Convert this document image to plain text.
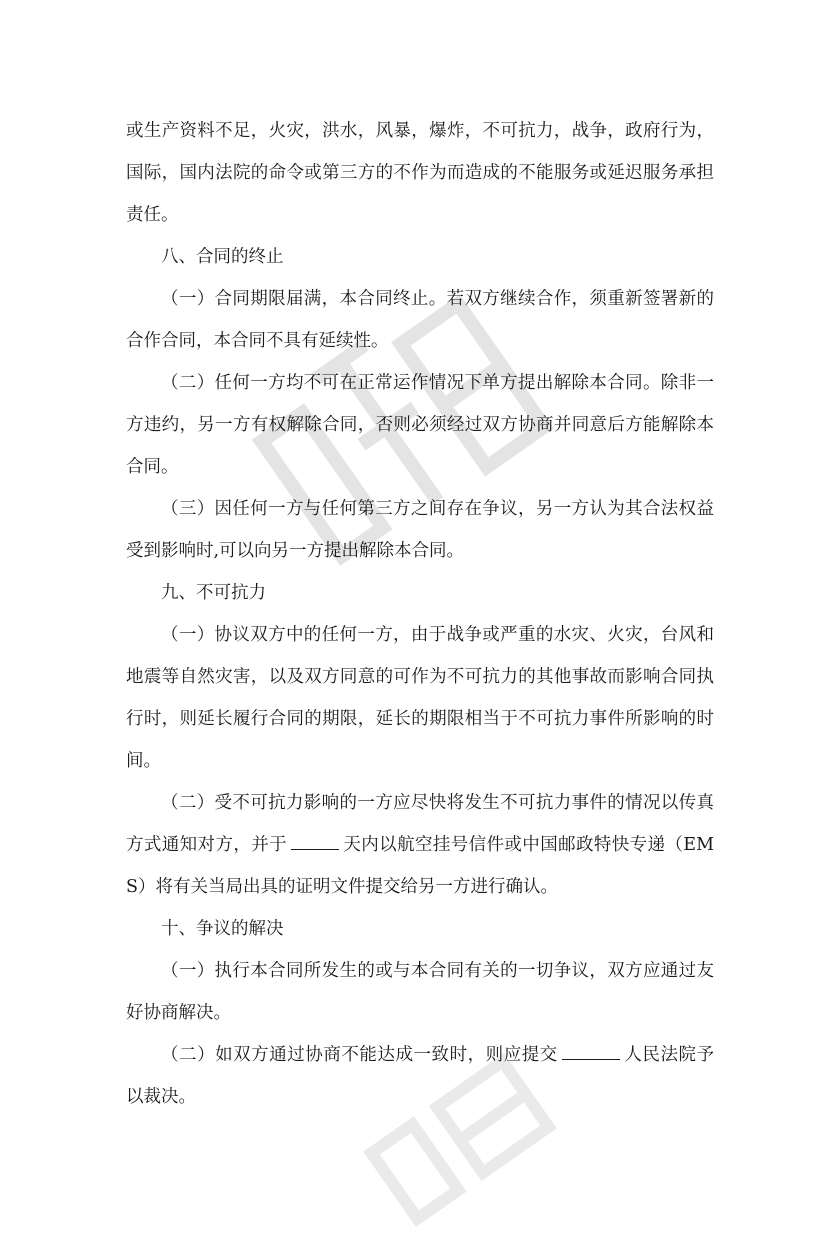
或生产资料不足，火灾，洪水，风暴，爆炸，不可抗力，战争，政府行为，国际，国内法院的命令或第三方的不作为而造成的不能服务或延迟服务承担责任。

八、合同的终止

（一）合同期限届满，本合同终止。若双方继续合作，须重新签署新的合作合同，本合同不具有延续性。

（二）任何一方均不可在正常运作情况下单方提出解除本合同。除非一方违约，另一方有权解除合同，否则必须经过双方协商并同意后方能解除本合同。

（三）因任何一方与任何第三方之间存在争议，另一方认为其合法权益受到影响时,可以向另一方提出解除本合同。

九、不可抗力

（一）协议双方中的任何一方，由于战争或严重的水灾、火灾，台风和地震等自然灾害，以及双方同意的可作为不可抗力的其他事故而影响合同执行时，则延长履行合同的期限，延长的期限相当于不可抗力事件所影响的时间。

（二）受不可抗力影响的一方应尽快将发生不可抗力事件的情况以传真方式通知对方，并于	天内以航空挂号信件或中国邮政特快专递（EMS）将有关当局出具的证明文件提交给另一方进行确认。

十、争议的解决

（一）执行本合同所发生的或与本合同有关的一切争议，双方应通过友好协商解决。

（二）如双方通过协商不能达成一致时，则应提交	人民法院予以裁决。
